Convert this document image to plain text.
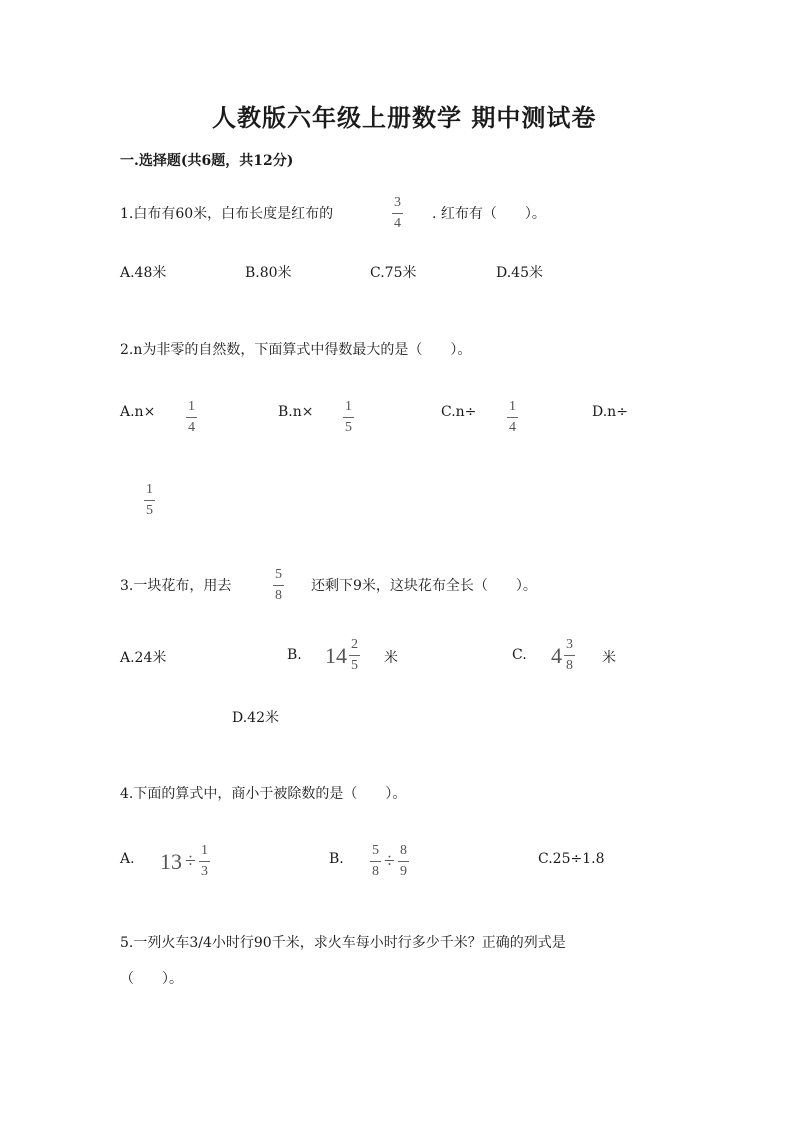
人教版六年级上册数学 期中测试卷
一.选择题(共6题，共12分)
1.白布有60米，白布长度是红布的
3
4
. 红布有（　　）。
A.48米	B.80米	C.75米	D.45米
2.n为非零的自然数，下面算式中得数最大的是（　　）。
A.n× 1
4
B.n× 1
5
C.n÷ 1
4
D.n÷
1
5
3.一块花布，用去
5
8
还剩下9米，这块花布全长（　　）。
A.24米	B. $14 \frac{2}{5}$ 米	C. $4 \frac{3}{8}$ 米
D.42米
4.下面的算式中，商小于被除数的是（　　）。
A. $13 \div \frac{1}{3}$	B. $\frac{5}{8} \div \frac{8}{9}$	C.25÷1.8
5.一列火车3/4小时行90千米，求火车每小时行多少千米？正确的列式是
（　　）。
